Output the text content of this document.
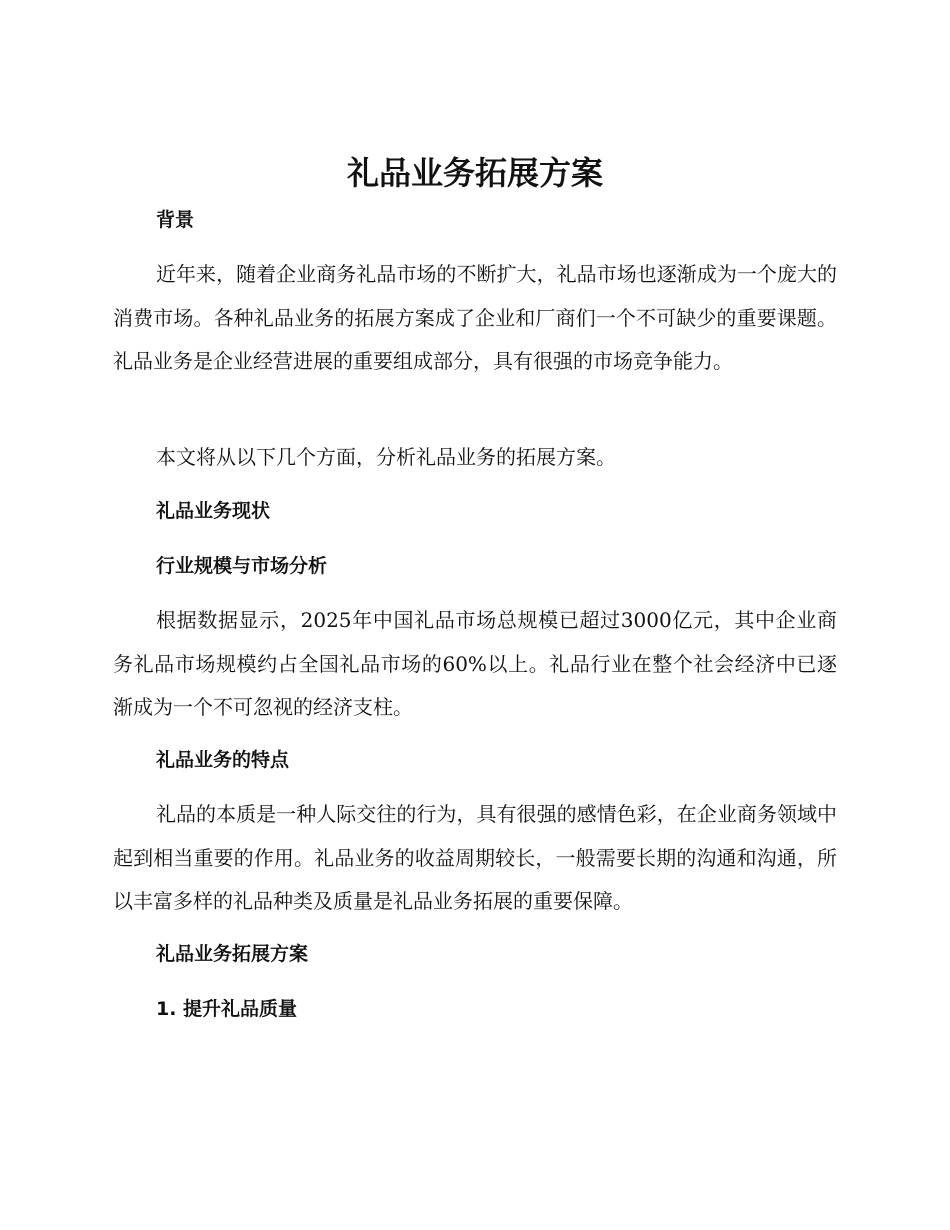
礼品业务拓展方案
背景

近年来，随着企业商务礼品市场的不断扩大，礼品市场也逐渐成为一个庞大的消费市场。各种礼品业务的拓展方案成了企业和厂商们一个不可缺少的重要课题。礼品业务是企业经营进展的重要组成部分，具有很强的市场竞争能力。

本文将从以下几个方面，分析礼品业务的拓展方案。

礼品业务现状
行业规模与市场分析

根据数据显示，2025年中国礼品市场总规模已超过3000亿元，其中企业商务礼品市场规模约占全国礼品市场的60%以上。礼品行业在整个社会经济中已逐渐成为一个不可忽视的经济支柱。

礼品业务的特点

礼品的本质是一种人际交往的行为，具有很强的感情色彩，在企业商务领域中起到相当重要的作用。礼品业务的收益周期较长，一般需要长期的沟通和沟通，所以丰富多样的礼品种类及质量是礼品业务拓展的重要保障。

礼品业务拓展方案
1. 提升礼品质量
